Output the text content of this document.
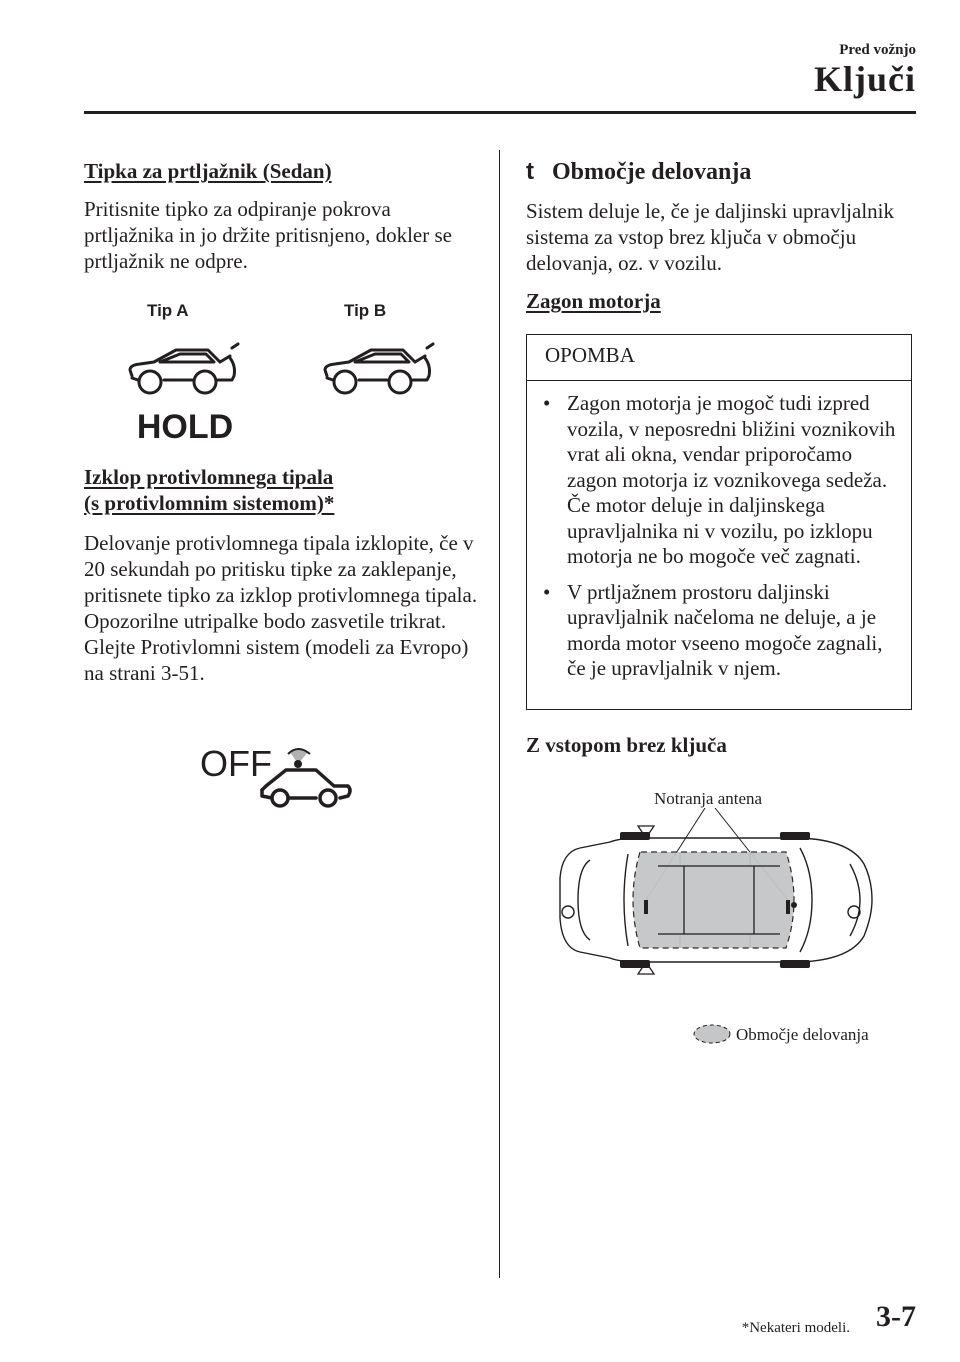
Pred vožnjo
Ključi
Tipka za prtljažnik (Sedan)
Pritisnite tipko za odpiranje pokrova prtljažnika in jo držite pritisnjeno, dokler se prtljažnik ne odpre.
Tip A	Tip B
HOLD
Izklop protivlomnega tipala
(s protivlomnim sistemom)*
Delovanje protivlomnega tipala izklopite, če v 20 sekundah po pritisku tipke za zaklepanje, pritisnete tipko za izklop protivlomnega tipala. Opozorilne utripalke bodo zasvetile trikrat. Glejte Protivlomni sistem (modeli za Evropo) na strani 3-51.
OFF
t Območje delovanja
Sistem deluje le, če je daljinski upravljalnik sistema za vstop brez ključa v območju delovanja, oz. v vozilu.
Zagon motorja
OPOMBA
• Zagon motorja je mogoč tudi izpred vozila, v neposredni bližini voznikovih vrat ali okna, vendar priporočamo zagon motorja iz voznikovega sedeža. Če motor deluje in daljinskega upravljalnika ni v vozilu, po izklopu motorja ne bo mogoče več zagnati.
• V prtljažnem prostoru daljinski upravljalnik načeloma ne deluje, a je morda motor vseeno mogoče zagnali, če je upravljalnik v njem.
Z vstopom brez ključa
Notranja antena
Območje delovanja
*Nekateri modeli. 3-7
